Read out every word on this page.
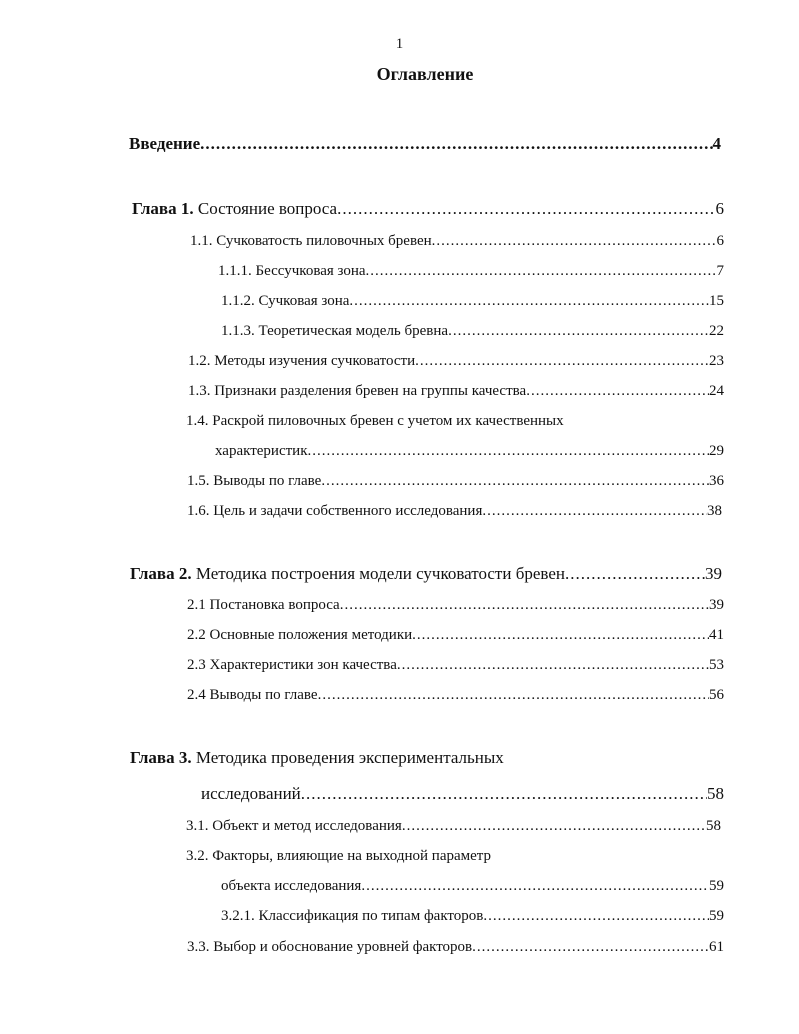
1
Оглавление
Введение .....	4
Глава 1. Состояние вопроса .....	6
1.1. Сучковатость пиловочных бревен .....	6
1.1.1. Бессучковая зона .....	7
1.1.2. Сучковая зона .....	15
1.1.3. Теоретическая модель бревна .....	22
1.2. Методы изучения сучковатости .....	23
1.3. Признаки разделения бревен на группы качества .....	24
1.4. Раскрой пиловочных бревен с учетом их качественных
характеристик .....	29
1.5. Выводы по главе .....	36
1.6. Цель и задачи собственного исследования .....	38
Глава 2. Методика построения модели сучковатости бревен .....	39
2.1 Постановка вопроса .....	39
2.2 Основные положения методики .....	41
2.3 Характеристики зон качества .....	53
2.4 Выводы по главе .....	56
Глава 3. Методика проведения экспериментальных
исследований .....	58
3.1. Объект и метод исследования .....	58
3.2. Факторы, влияющие на выходной параметр
объекта исследования .....	59
3.2.1. Классификация по типам факторов .....	59
3.3. Выбор и обоснование уровней факторов .....	61
